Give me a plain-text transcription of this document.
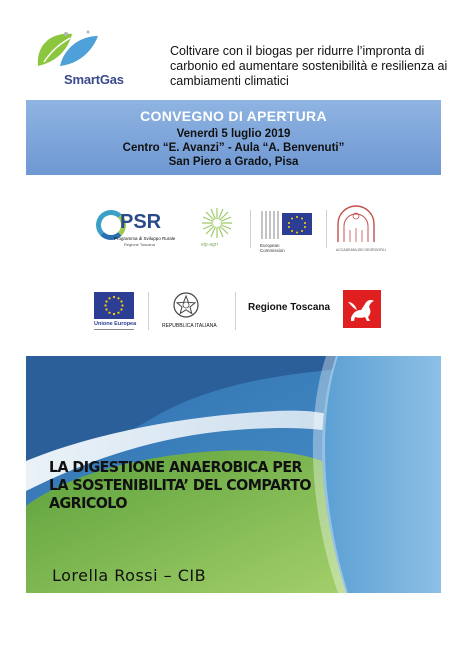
SmartGas
Coltivare con il biogas per ridurre l’impronta di carbonio ed aumentare sostenibilità e resilienza ai cambiamenti climatici
CONVEGNO DI APERTURA
Venerdì 5 luglio 2019
Centro “E. Avanzi” - Aula “A. Benvenuti”
San Piero a Grado, Pisa
PSR
Programma di Sviluppo Rurale
Regione Toscana	eip-agri	European
Commission	ACCADEMIA DEI GEORGOFILI
Unione Europea	REPUBBLICA ITALIANA
Regione Toscana
LA DIGESTIONE ANAEROBICA PER LA SOSTENIBILITA’ DEL COMPARTO AGRICOLO
Lorella Rossi – CIB
